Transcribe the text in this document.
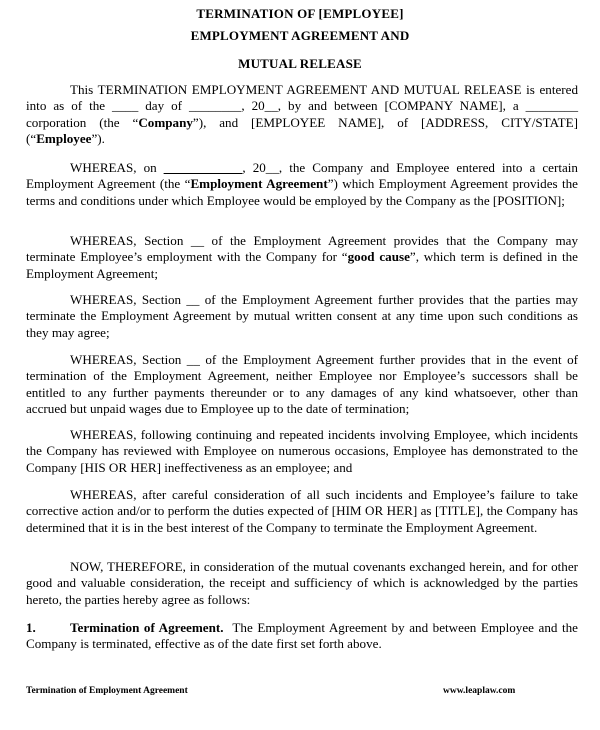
TERMINATION OF [EMPLOYEE]
EMPLOYMENT AGREEMENT AND
MUTUAL RELEASE

This TERMINATION EMPLOYMENT AGREEMENT AND MUTUAL RELEASE is entered into as of the ____ day of ________, 20__, by and between [COMPANY NAME], a ________ corporation (the “Company”), and [EMPLOYEE NAME], of [ADDRESS, CITY/STATE] (“Employee”).

WHEREAS, on ____________, 20__, the Company and Employee entered into a certain Employment Agreement (the “Employment Agreement”) which Employment Agreement provides the terms and conditions under which Employee would be employed by the Company as the [POSITION];

WHEREAS, Section __ of the Employment Agreement provides that the Company may terminate Employee’s employment with the Company for “good cause”, which term is defined in the Employment Agreement;

WHEREAS, Section __ of the Employment Agreement further provides that the parties may terminate the Employment Agreement by mutual written consent at any time upon such conditions as they may agree;

WHEREAS, Section __ of the Employment Agreement further provides that in the event of termination of the Employment Agreement, neither Employee nor Employee’s successors shall be entitled to any further payments thereunder or to any damages of any kind whatsoever, other than accrued but unpaid wages due to Employee up to the date of termination;

WHEREAS, following continuing and repeated incidents involving Employee, which incidents the Company has reviewed with Employee on numerous occasions, Employee has demonstrated to the Company [HIS OR HER] ineffectiveness as an employee; and

WHEREAS, after careful consideration of all such incidents and Employee’s failure to take corrective action and/or to perform the duties expected of [HIM OR HER] as [TITLE], the Company has determined that it is in the best interest of the Company to terminate the Employment Agreement.

NOW, THEREFORE, in consideration of the mutual covenants exchanged herein, and for other good and valuable consideration, the receipt and sufficiency of which is acknowledged by the parties hereto, the parties hereby agree as follows:

1.	Termination of Agreement.  The Employment Agreement by and between Employee and the Company is terminated, effective as of the date first set forth above.

Termination of Employment Agreement	www.leaplaw.com
